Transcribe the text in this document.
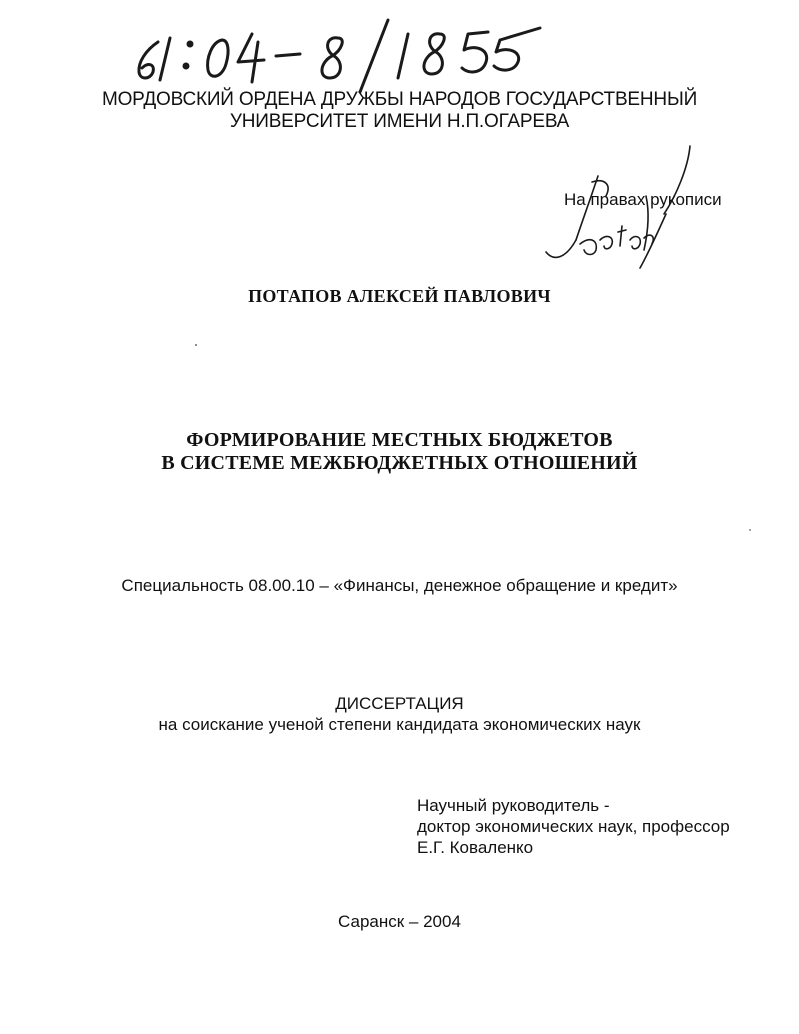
МОРДОВСКИЙ ОРДЕНА ДРУЖБЫ НАРОДОВ ГОСУДАРСТВЕННЫЙ
УНИВЕРСИТЕТ ИМЕНИ Н.П.ОГАРЕВА
На правах рукописи
ПОТАПОВ АЛЕКСЕЙ ПАВЛОВИЧ
ФОРМИРОВАНИЕ МЕСТНЫХ БЮДЖЕТОВ
В СИСТЕМЕ МЕЖБЮДЖЕТНЫХ ОТНОШЕНИЙ
Специальность 08.00.10 – «Финансы, денежное обращение и кредит»
ДИССЕРТАЦИЯ
на соискание ученой степени кандидата экономических наук
Научный руководитель -
доктор экономических наук, профессор
Е.Г. Коваленко
Саранск – 2004
